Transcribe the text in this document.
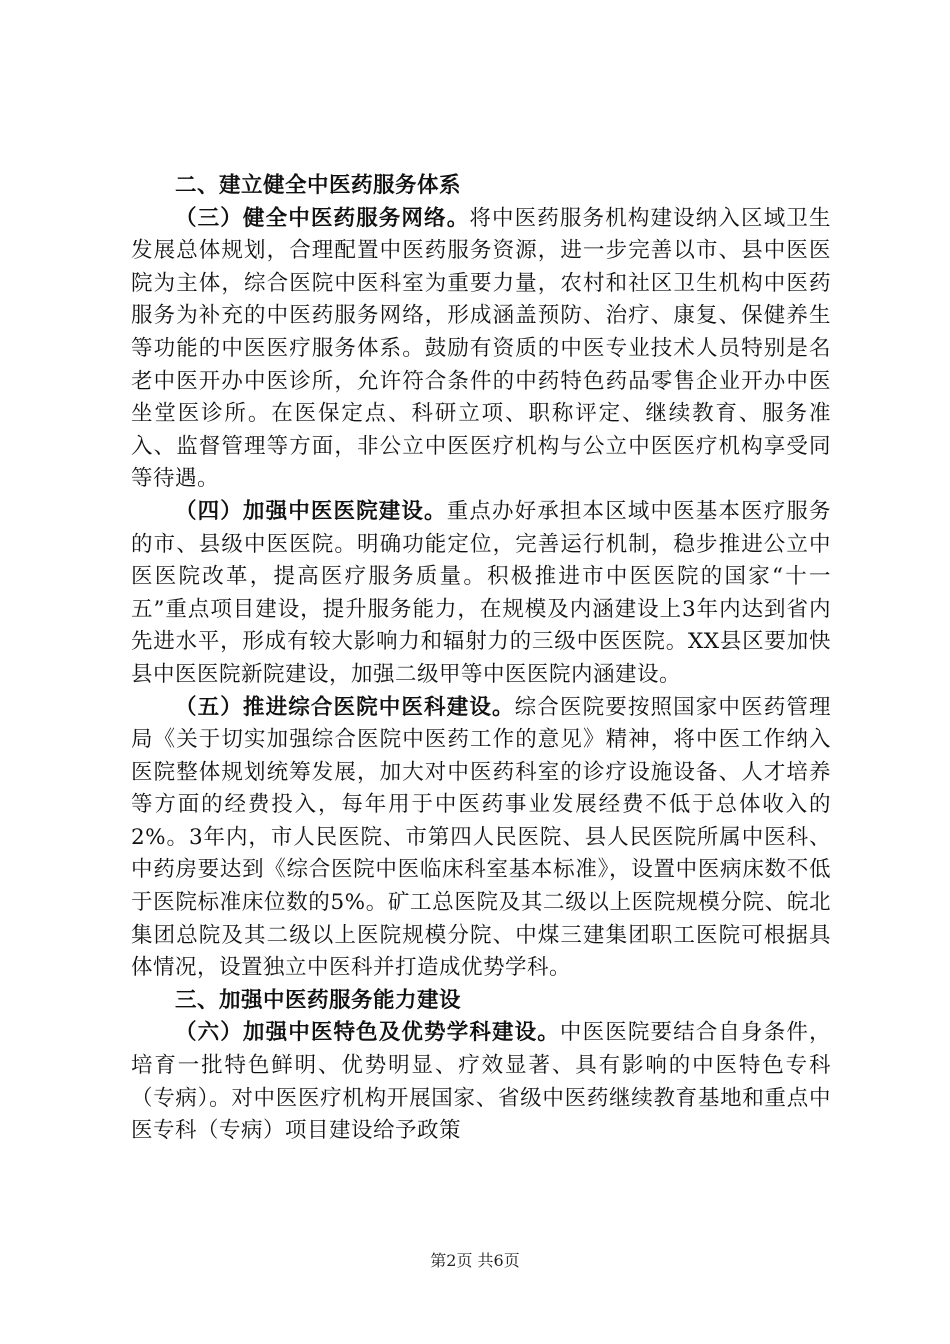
二、建立健全中医药服务体系

（三）健全中医药服务网络。将中医药服务机构建设纳入区域卫生发展总体规划，合理配置中医药服务资源，进一步完善以市、县中医医院为主体，综合医院中医科室为重要力量，农村和社区卫生机构中医药服务为补充的中医药服务网络，形成涵盖预防、治疗、康复、保健养生等功能的中医医疗服务体系。鼓励有资质的中医专业技术人员特别是名老中医开办中医诊所，允许符合条件的中药特色药品零售企业开办中医坐堂医诊所。在医保定点、科研立项、职称评定、继续教育、服务准入、监督管理等方面，非公立中医医疗机构与公立中医医疗机构享受同等待遇。

（四）加强中医医院建设。重点办好承担本区域中医基本医疗服务的市、县级中医医院。明确功能定位，完善运行机制，稳步推进公立中医医院改革，提高医疗服务质量。积极推进市中医医院的国家“十一五”重点项目建设，提升服务能力，在规模及内涵建设上3年内达到省内先进水平，形成有较大影响力和辐射力的三级中医医院。XX县区要加快县中医医院新院建设，加强二级甲等中医医院内涵建设。

（五）推进综合医院中医科建设。综合医院要按照国家中医药管理局《关于切实加强综合医院中医药工作的意见》精神，将中医工作纳入医院整体规划统筹发展，加大对中医药科室的诊疗设施设备、人才培养等方面的经费投入，每年用于中医药事业发展经费不低于总体收入的2%。3年内，市人民医院、市第四人民医院、县人民医院所属中医科、中药房要达到《综合医院中医临床科室基本标准》，设置中医病床数不低于医院标准床位数的5%。矿工总医院及其二级以上医院规模分院、皖北集团总院及其二级以上医院规模分院、中煤三建集团职工医院可根据具体情况，设置独立中医科并打造成优势学科。

三、加强中医药服务能力建设

（六）加强中医特色及优势学科建设。中医医院要结合自身条件，培育一批特色鲜明、优势明显、疗效显著、具有影响的中医特色专科（专病）。对中医医疗机构开展国家、省级中医药继续教育基地和重点中医专科（专病）项目建设给予政策

第2页 共6页
